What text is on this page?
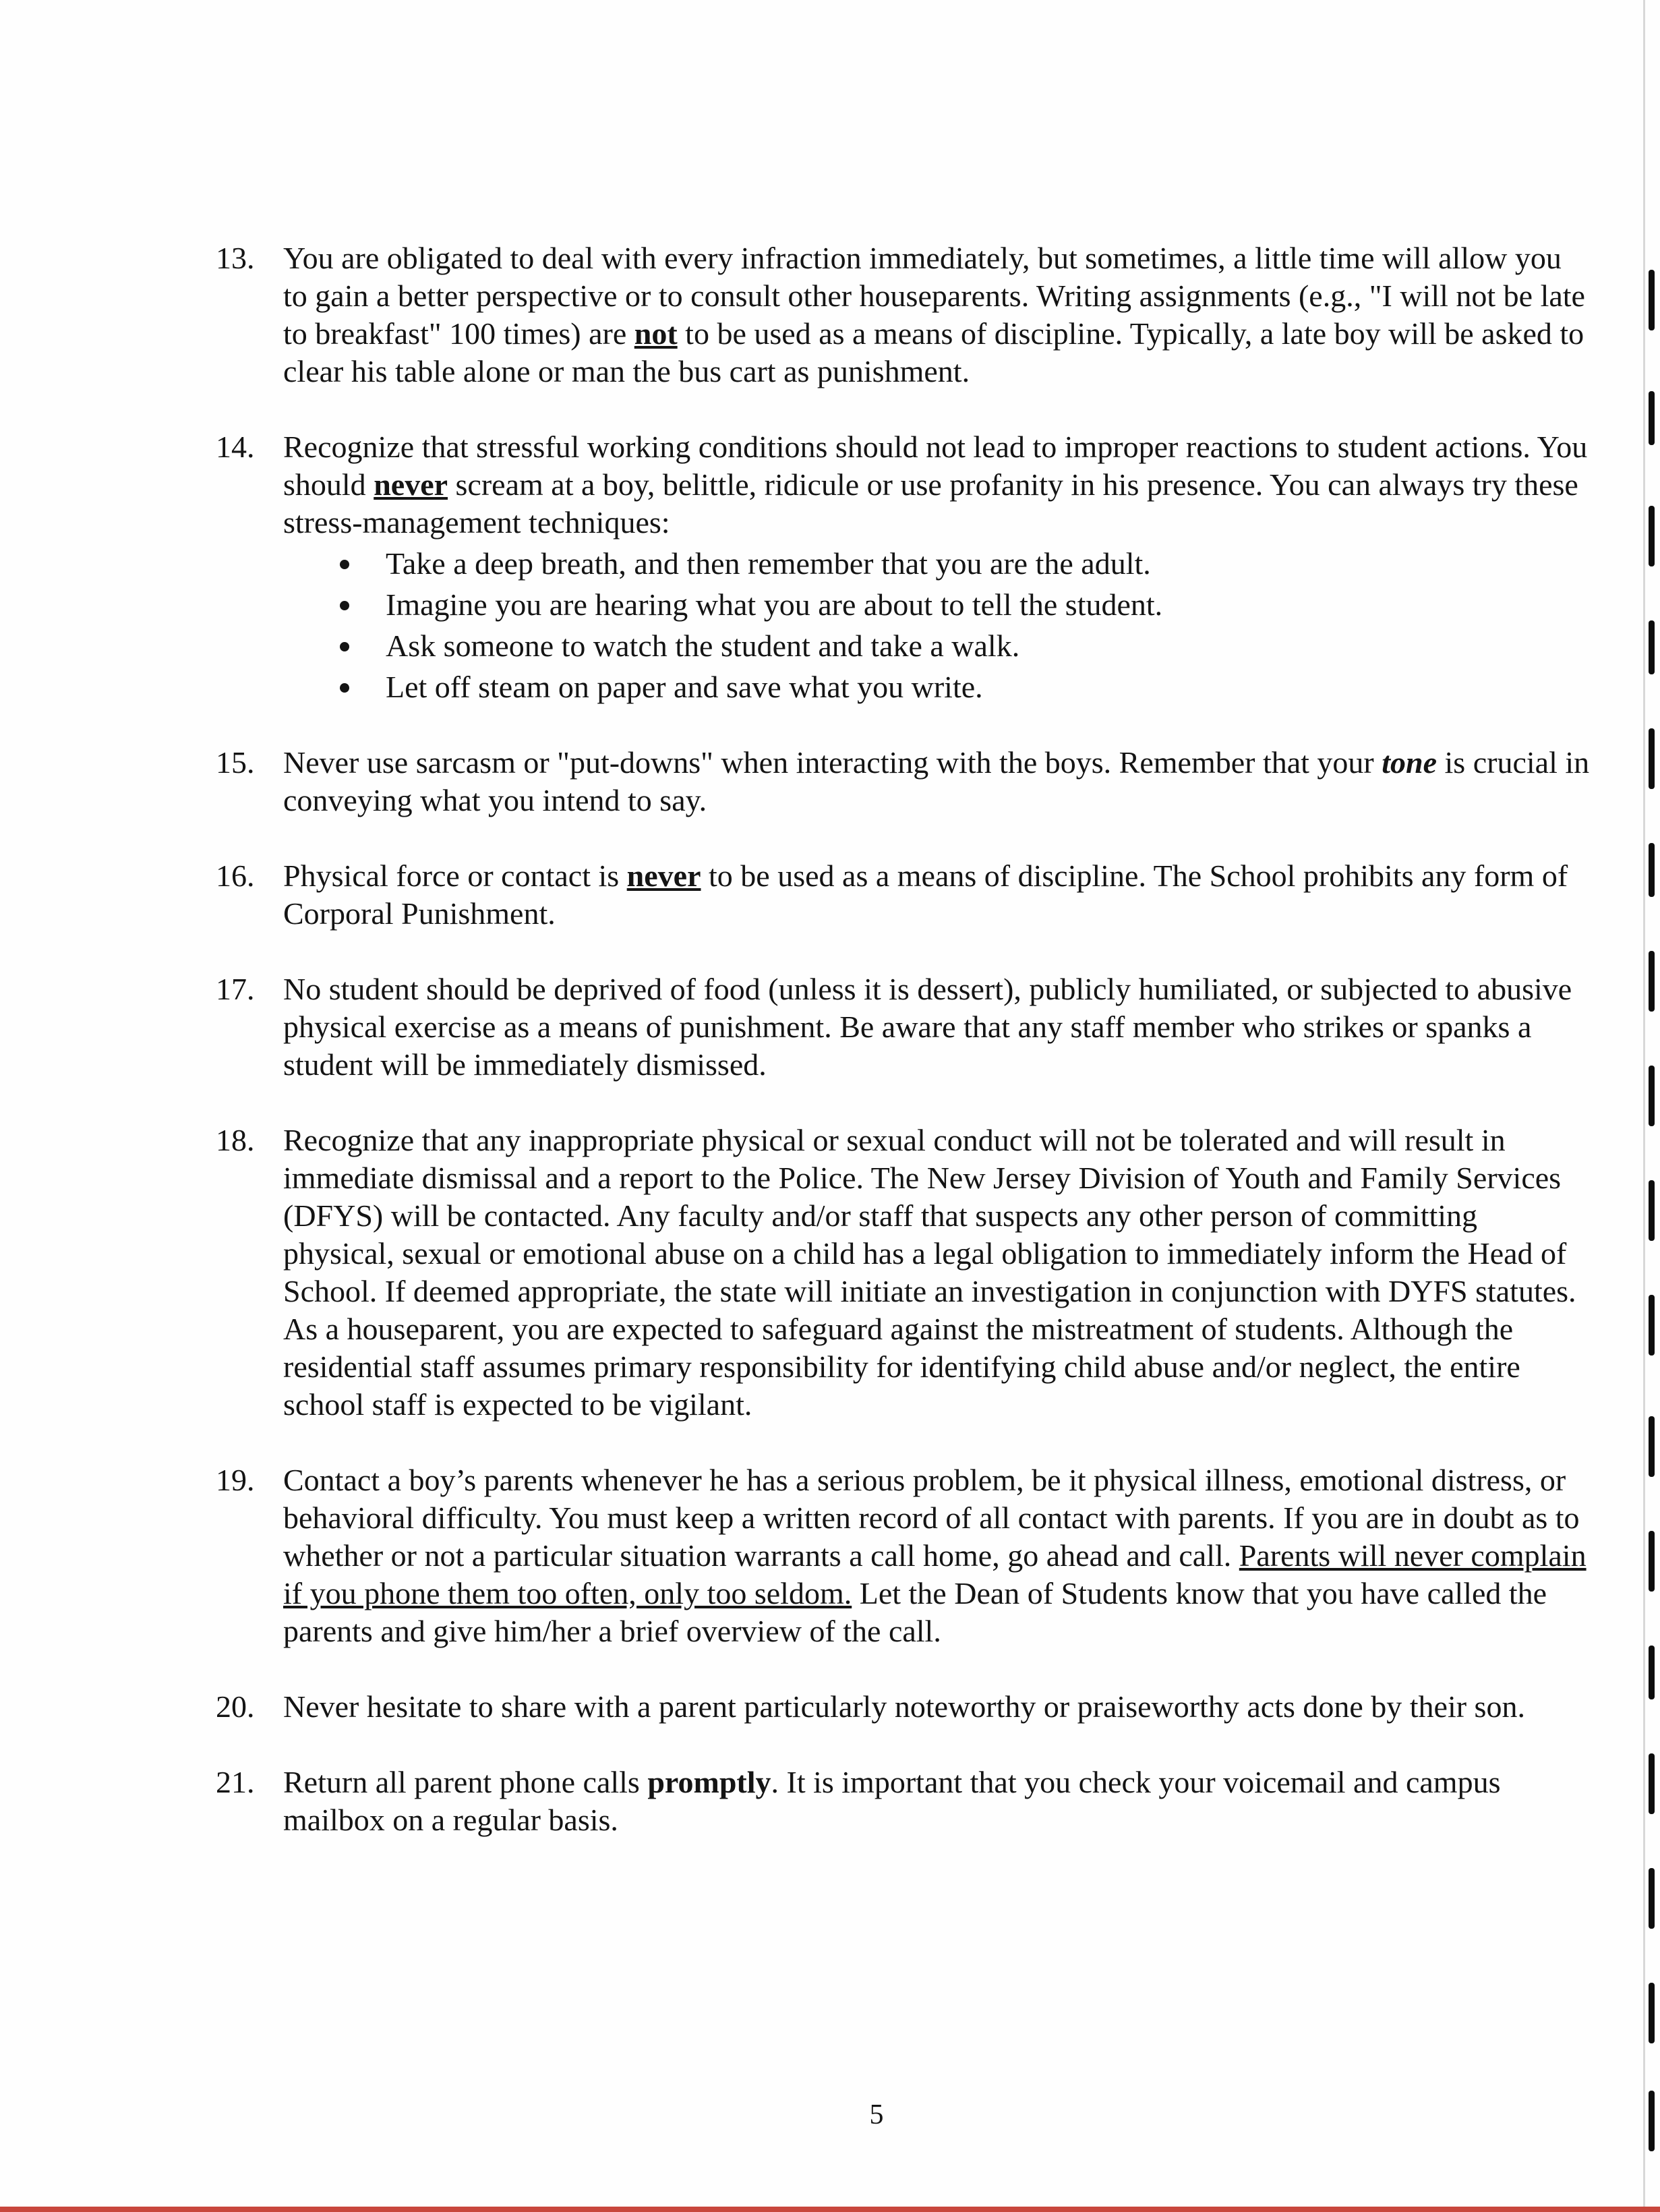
13. You are obligated to deal with every infraction immediately, but sometimes, a little time will allow you to gain a better perspective or to consult other houseparents. Writing assignments (e.g., "I will not be late to breakfast" 100 times) are not to be used as a means of discipline. Typically, a late boy will be asked to clear his table alone or man the bus cart as punishment.
14. Recognize that stressful working conditions should not lead to improper reactions to student actions. You should never scream at a boy, belittle, ridicule or use profanity in his presence. You can always try these stress-management techniques:
Take a deep breath, and then remember that you are the adult.
Imagine you are hearing what you are about to tell the student.
Ask someone to watch the student and take a walk.
Let off steam on paper and save what you write.
15. Never use sarcasm or "put-downs" when interacting with the boys. Remember that your tone is crucial in conveying what you intend to say.
16. Physical force or contact is never to be used as a means of discipline. The School prohibits any form of Corporal Punishment.
17. No student should be deprived of food (unless it is dessert), publicly humiliated, or subjected to abusive physical exercise as a means of punishment. Be aware that any staff member who strikes or spanks a student will be immediately dismissed.
18. Recognize that any inappropriate physical or sexual conduct will not be tolerated and will result in immediate dismissal and a report to the Police. The New Jersey Division of Youth and Family Services (DFYS) will be contacted. Any faculty and/or staff that suspects any other person of committing physical, sexual or emotional abuse on a child has a legal obligation to immediately inform the Head of School. If deemed appropriate, the state will initiate an investigation in conjunction with DYFS statutes. As a houseparent, you are expected to safeguard against the mistreatment of students. Although the residential staff assumes primary responsibility for identifying child abuse and/or neglect, the entire school staff is expected to be vigilant.
19. Contact a boy’s parents whenever he has a serious problem, be it physical illness, emotional distress, or behavioral difficulty. You must keep a written record of all contact with parents. If you are in doubt as to whether or not a particular situation warrants a call home, go ahead and call. Parents will never complain if you phone them too often, only too seldom. Let the Dean of Students know that you have called the parents and give him/her a brief overview of the call.
20. Never hesitate to share with a parent particularly noteworthy or praiseworthy acts done by their son.
21. Return all parent phone calls promptly. It is important that you check your voicemail and campus mailbox on a regular basis.
5
